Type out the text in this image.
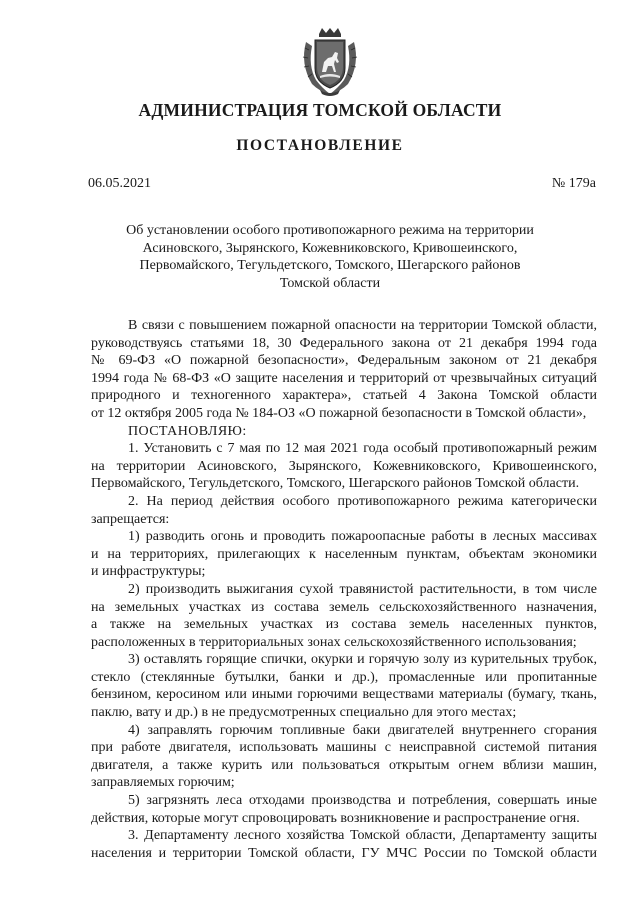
АДМИНИСТРАЦИЯ ТОМСКОЙ ОБЛАСТИ
ПОСТАНОВЛЕНИЕ
06.05.2021	№ 179а
Об установлении особого противопожарного режима на территории
Асиновского, Зырянского, Кожевниковского, Кривошеинского,
Первомайского, Тегульдетского, Томского, Шегарского районов
Томской области

В связи с повышением пожарной опасности на территории Томской области,

руководствуясь статьями 18, 30 Федерального закона от 21 декабря 1994 года

№ 69-ФЗ «О пожарной безопасности», Федеральным законом от 21 декабря

1994 года № 68-ФЗ «О защите населения и территорий от чрезвычайных ситуаций

природного и техногенного характера», статьей 4 Закона Томской области

от 12 октября 2005 года № 184-ОЗ «О пожарной безопасности в Томской области»,

ПОСТАНОВЛЯЮ:

1. Установить с 7 мая по 12 мая 2021 года особый противопожарный режим

на территории Асиновского, Зырянского, Кожевниковского, Кривошеинского,

Первомайского, Тегульдетского, Томского, Шегарского районов Томской области.

2. На период действия особого противопожарного режима категорически

запрещается:

1) разводить огонь и проводить пожароопасные работы в лесных массивах

и на территориях, прилегающих к населенным пунктам, объектам экономики

и инфраструктуры;

2) производить выжигания сухой травянистой растительности, в том числе

на земельных участках из состава земель сельскохозяйственного назначения,

а также на земельных участках из состава земель населенных пунктов,

расположенных в территориальных зонах сельскохозяйственного использования;

3) оставлять горящие спички, окурки и горячую золу из курительных трубок,

стекло (стеклянные бутылки, банки и др.), промасленные или пропитанные

бензином, керосином или иными горючими веществами материалы (бумагу, ткань,

паклю, вату и др.) в не предусмотренных специально для этого местах;

4) заправлять горючим топливные баки двигателей внутреннего сгорания

при работе двигателя, использовать машины с неисправной системой питания

двигателя, а также курить или пользоваться открытым огнем вблизи машин,

заправляемых горючим;

5) загрязнять леса отходами производства и потребления, совершать иные

действия, которые могут спровоцировать возникновение и распространение огня.

3. Департаменту лесного хозяйства Томской области, Департаменту защиты

населения и территории Томской области, ГУ МЧС России по Томской области
